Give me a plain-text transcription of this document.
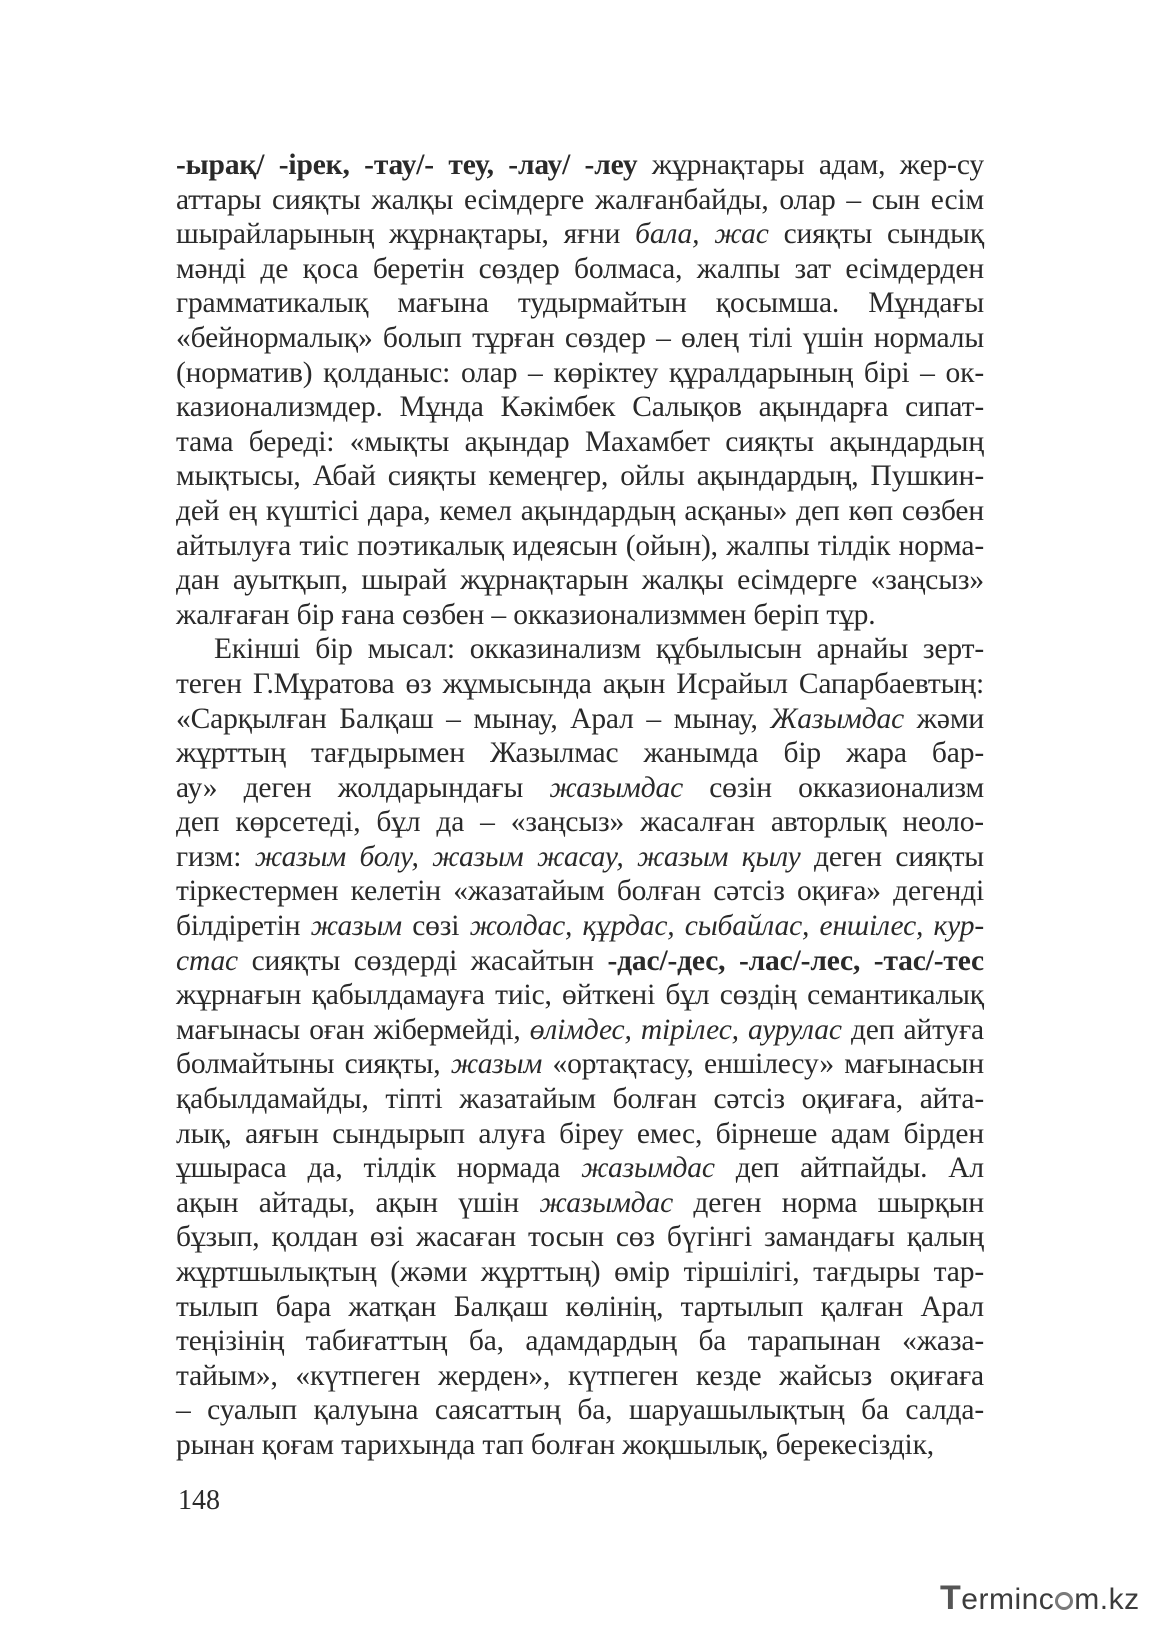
-ырақ/ -ірек, -тау/- теу, -лау/ -леу жұрнақтары адам, жер-су
аттары сияқты жалқы есімдерге жалғанбайды, олар – сын есім
шырайларының жұрнақтары, яғни бала, жас сияқты сындық
мәнді де қоса беретін сөздер болмаса, жалпы зат есімдерден
грамматикалық мағына тудырмайтын қосымша. Мұндағы
«бейнормалық» болып тұрған сөздер – өлең тілі үшін нормалы
(норматив) қолданыс: олар – көріктеу құралдарының бірі – ок-
казионализмдер. Мұнда Кәкімбек Салықов ақындарға сипат-
тама береді: «мықты ақындар Махамбет сияқты ақындардың
мықтысы, Абай сияқты кемеңгер, ойлы ақындардың, Пушкин-
дей ең күштісі дара, кемел ақындардың асқаны» деп көп сөзбен
айтылуға тиіс поэтикалық идеясын (ойын), жалпы тілдік норма-
дан ауытқып, шырай жұрнақтарын жалқы есімдерге «заңсыз»
жалғаған бір ғана сөзбен – окказионализммен беріп тұр.
Екінші бір мысал: окказинализм құбылысын арнайы зерт-
теген Г.Мұратова өз жұмысында ақын Исрайыл Сапарбаевтың:
«Сарқылған Балқаш – мынау, Арал – мынау, Жазымдас жәми
жұрттың тағдырымен Жазылмас жанымда бір жара бар-
ау» деген жолдарындағы жазымдас сөзін окказионализм
деп көрсетеді, бұл да – «заңсыз» жасалған авторлық неоло-
гизм: жазым болу, жазым жасау, жазым қылу деген сияқты
тіркестермен келетін «жазатайым болған сәтсіз оқиға» дегенді
білдіретін жазым сөзі жолдас, құрдас, сыбайлас, еншілес, кур-
стас сияқты сөздерді жасайтын -дас/-дес, -лас/-лес, -тас/-тес
жұрнағын қабылдамауға тиіс, өйткені бұл сөздің семантикалық
мағынасы оған жібермейді, өлімдес, тірілес, аурулас деп айтуға
болмайтыны сияқты, жазым «ортақтасу, еншілесу» мағынасын
қабылдамайды, тіпті жазатайым болған сәтсіз оқиғаға, айта-
лық, аяғын сындырып алуға біреу емес, бірнеше адам бірден
ұшыраса да, тілдік нормада жазымдас деп айтпайды. Ал
ақын айтады, ақын үшін жазымдас деген норма шырқын
бұзып, қолдан өзі жасаған тосын сөз бүгінгі замандағы қалың
жұртшылықтың (жәми жұрттың) өмір тіршілігі, тағдыры тар-
тылып бара жатқан Балқаш көлінің, тартылып қалған Арал
теңізінің табиғаттың ба, адамдардың ба тарапынан «жаза-
тайым», «күтпеген жерден», күтпеген кезде жайсыз оқиғаға
– суалып қалуына саясаттың ба, шаруашылықтың ба салда-
рынан қоғам тарихында тап болған жоқшылық, берекесіздік,
148
Terminc m.kz
